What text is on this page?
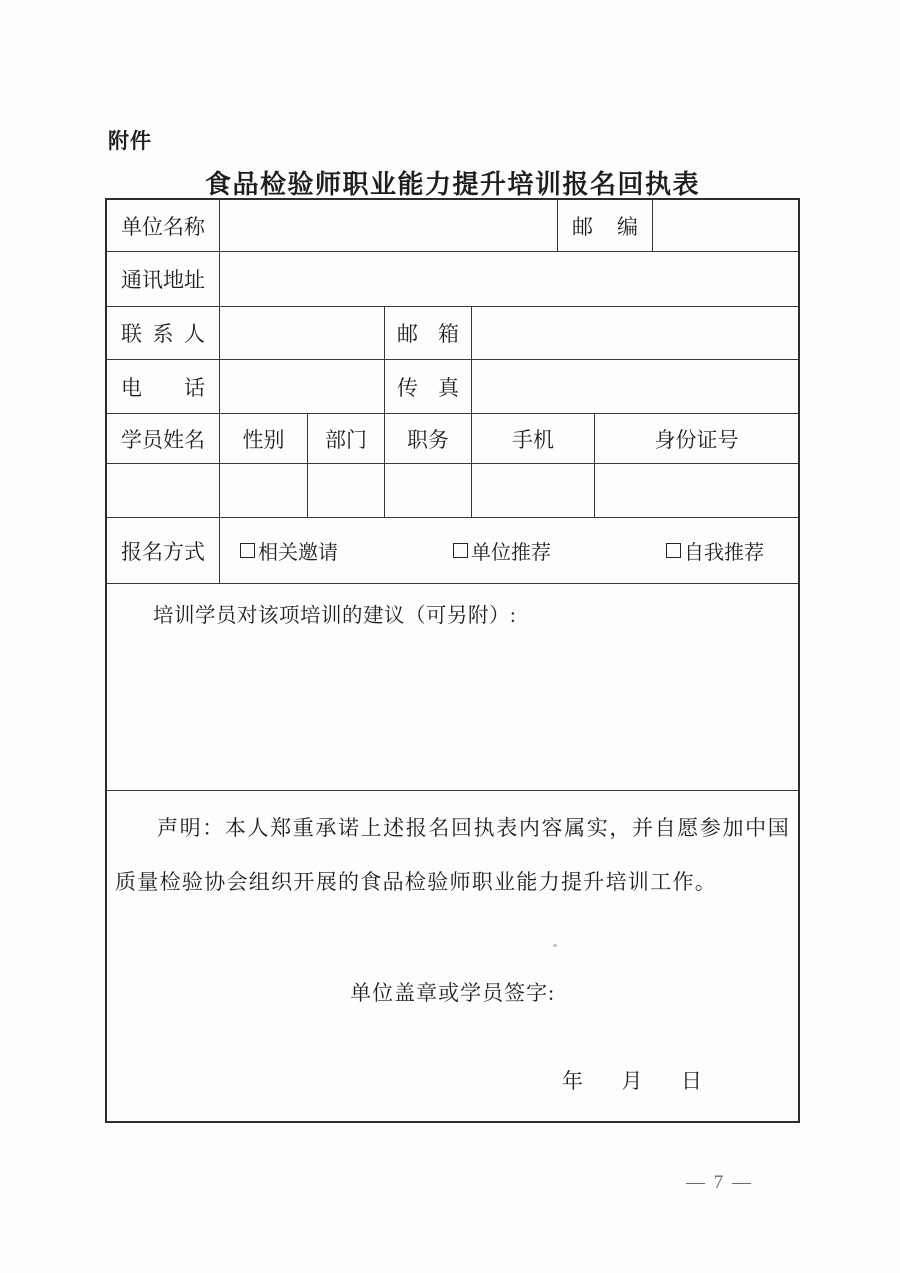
附件
食品检验师职业能力提升培训报名回执表
单位名称	邮编
通讯地址
联系人	邮箱
电话	传真
学员姓名	性别	部门	职务	手机	身份证号
报名方式	相关邀请	单位推荐	自我推荐
培训学员对该项培训的建议（可另附）:

声明：本人郑重承诺上述报名回执表内容属实，并自愿参加中国质量检验协会组织开展的食品检验师职业能力提升培训工作。

单位盖章或学员签字:
年 月 日
— 7 —
